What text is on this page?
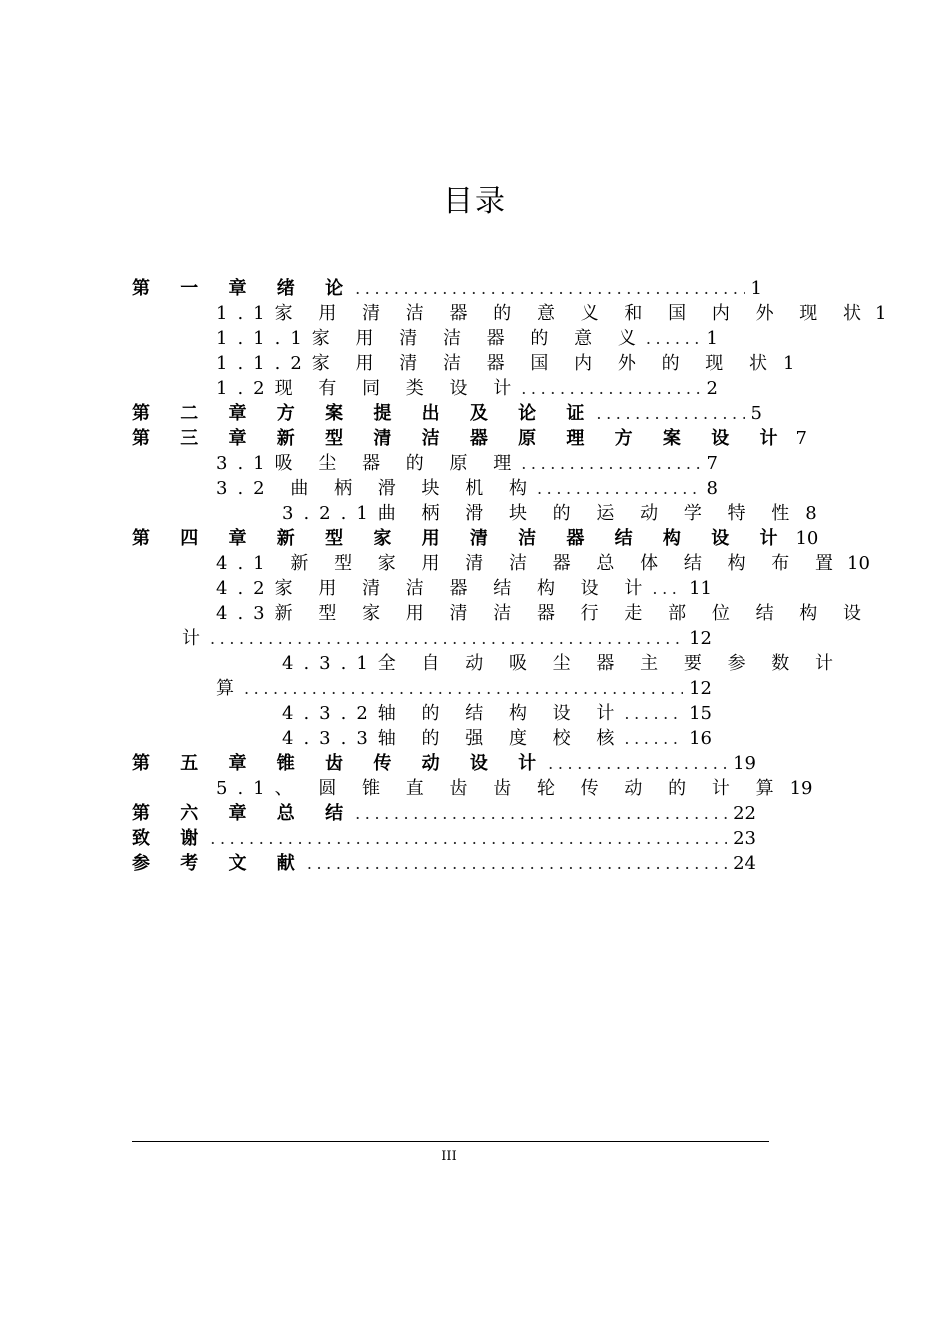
目录
第 一 章 绪 论 .....	1
1.1家 用 清 洁 器 的 意 义 和 国 内 外 现 状 1
1.1.1家 用 清 洁 器 的 意 义 .....	1
1.1.2家 用 清 洁 器 国 内 外 的 现 状 1
1.2现 有 同 类 设 计 .....	2
第 二 章 方 案 提 出 及 论 证 .....	5
第 三 章 新 型 清 洁 器 原 理 方 案 设 计 7
3.1吸 尘 器 的 原 理 .....	7
3.2 曲 柄 滑 块 机 构 .....	8
3.2.1曲 柄 滑 块 的 运 动 学 特 性 8
第 四 章 新 型 家 用 清 洁 器 结 构 设 计 10
4.1 新 型 家 用 清 洁 器 总 体 结 构 布 置 10
4.2家 用 清 洁 器 结 构 设 计 .....	11
4.3新 型 家 用 清 洁 器 行 走 部 位 结 构 设
计 .....	12
4.3.1全 自 动 吸 尘 器 主 要 参 数 计
算 .....	12
4.3.2轴 的 结 构 设 计 .....	15
4.3.3轴 的 强 度 校 核 .....	16
第 五 章 锥 齿 传 动 设 计 .....	19
5.1、 圆 锥 直 齿 齿 轮 传 动 的 计 算 19
第 六 章 总 结 .....	22
致 谢 .....	23
参 考 文 献 .....	24
III
